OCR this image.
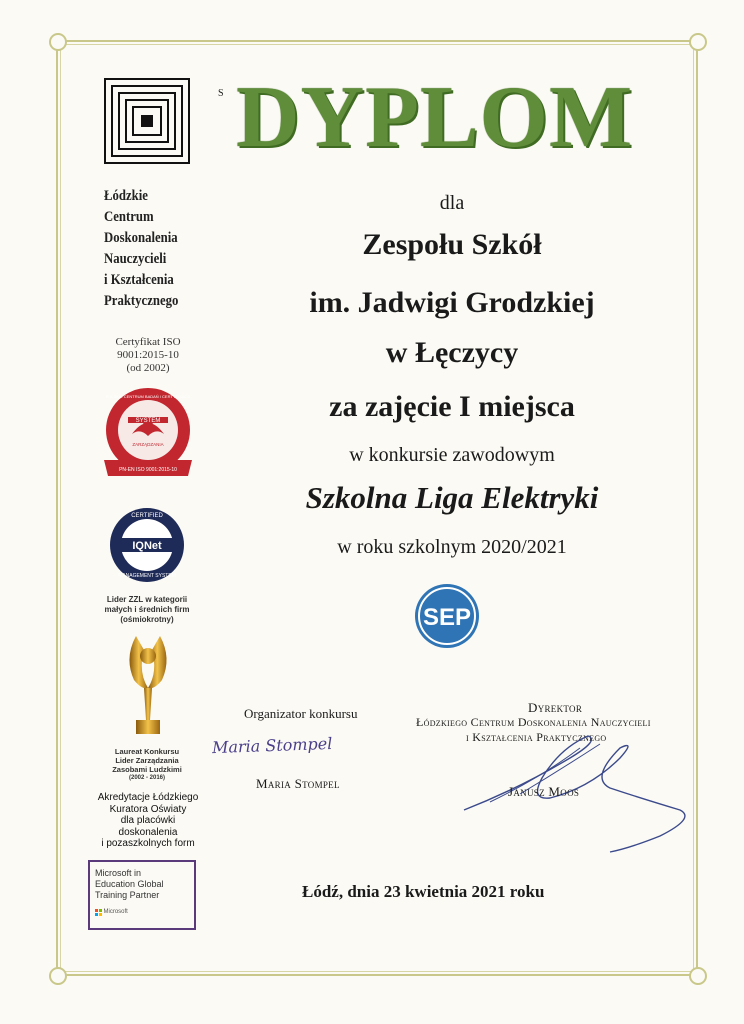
Łódzkie
Centrum
Doskonalenia
Nauczycieli
i Kształcenia
Praktycznego
Certyfikat ISO
9001:2015-10
(od 2002)
SYSTEM
ZARZĄDZANIA
PN-EN ISO 9001:2015-10
POLSKIE CENTRUM BADAŃ I CERTYFIKACJI
IQNet
CERTIFIED
MANAGEMENT SYSTEM
Lider ZZL w kategorii
małych i średnich firm
(ośmiokrotny)
Laureat Konkursu
Lider Zarządzania
Zasobami Ludzkimi
(2002 - 2016)
Akredytacje Łódzkiego
Kuratora Oświaty
dla placówki
doskonalenia
i pozaszkolnych form
Microsoft in
Education Global
Training Partner
Microsoft
S DYPLOM
dla
Zespołu Szkół
im. Jadwigi Grodzkiej
w Łęczycy
za zajęcie I miejsca
w konkursie zawodowym
Szkolna Liga Elektryki
w roku szkolnym 2020/2021
SEP
Organizator konkursu
Maria Stompel
Maria Stompel
Dyrektor
Łódzkiego Centrum Doskonalenia Nauczycieli
i Kształcenia Praktycznego
Janusz Moos
Łódź, dnia 23 kwietnia 2021 roku
